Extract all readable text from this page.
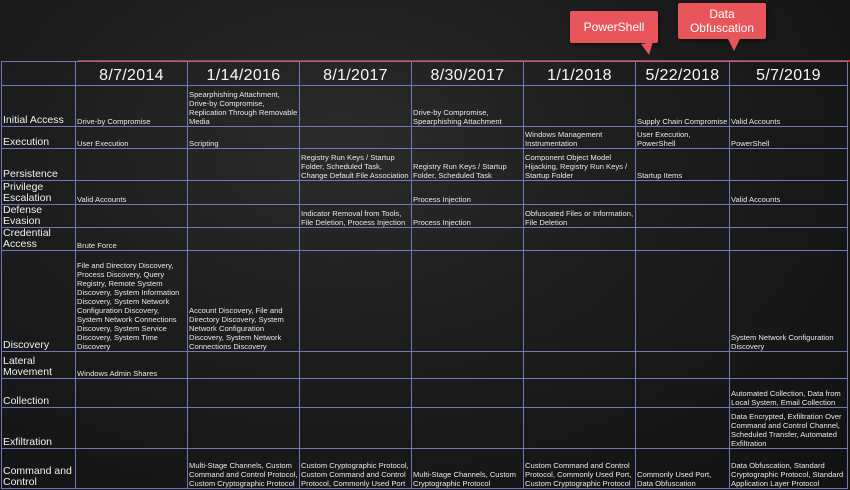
PowerShell
Data Obfuscation
	8/7/2014	1/14/2016	8/1/2017	8/30/2017	1/1/2018	5/22/2018	5/7/2019
Initial Access	Drive-by Compromise	Spearphishing Attachment, Drive-by Compromise, Replication Through Removable Media		Drive-by Compromise, Spearphishing Attachment		Supply Chain Compromise	Valid Accounts
Execution	User Execution	Scripting			Windows Management Instrumentation	User Execution, PowerShell	PowerShell
Persistence			Registry Run Keys / Startup Folder, Scheduled Task, Change Default File Association	Registry Run Keys / Startup Folder, Scheduled Task	Component Object Model Hijacking, Registry Run Keys / Startup Folder	Startup Items	
Privilege Escalation	Valid Accounts			Process Injection			Valid Accounts
Defense Evasion			Indicator Removal from Tools, File Deletion, Process Injection	Process Injection	Obfuscated Files or Information, File Deletion		
Credential Access	Brute Force						
Discovery	File and Directory Discovery, Process Discovery, Query Registry, Remote System Discovery, System Information Discovery, System Network Configuration Discovery, System Network Connections Discovery, System Service Discovery, System Time Discovery	Account Discovery, File and Directory Discovery, System Network Configuration Discovery, System Network Connections Discovery					System Network Configuration Discovery
Lateral Movement	Windows Admin Shares						
Collection							Automated Collection, Data from Local System, Email Collection
Exfiltration							Data Encrypted, Exfiltration Over Command and Control Channel, Scheduled Transfer, Automated Exfiltration
Command and Control		Multi-Stage Channels, Custom Command and Control Protocol, Custom Cryptographic Protocol	Custom Cryptographic Protocol, Custom Command and Control Protocol, Commonly Used Port	Multi-Stage Channels, Custom Cryptographic Protocol	Custom Command and Control Protocol, Commonly Used Port, Custom Cryptographic Protocol	Commonly Used Port, Data Obfuscation	Data Obfuscation, Standard Cryptographic Protocol, Standard Application Layer Protocol
